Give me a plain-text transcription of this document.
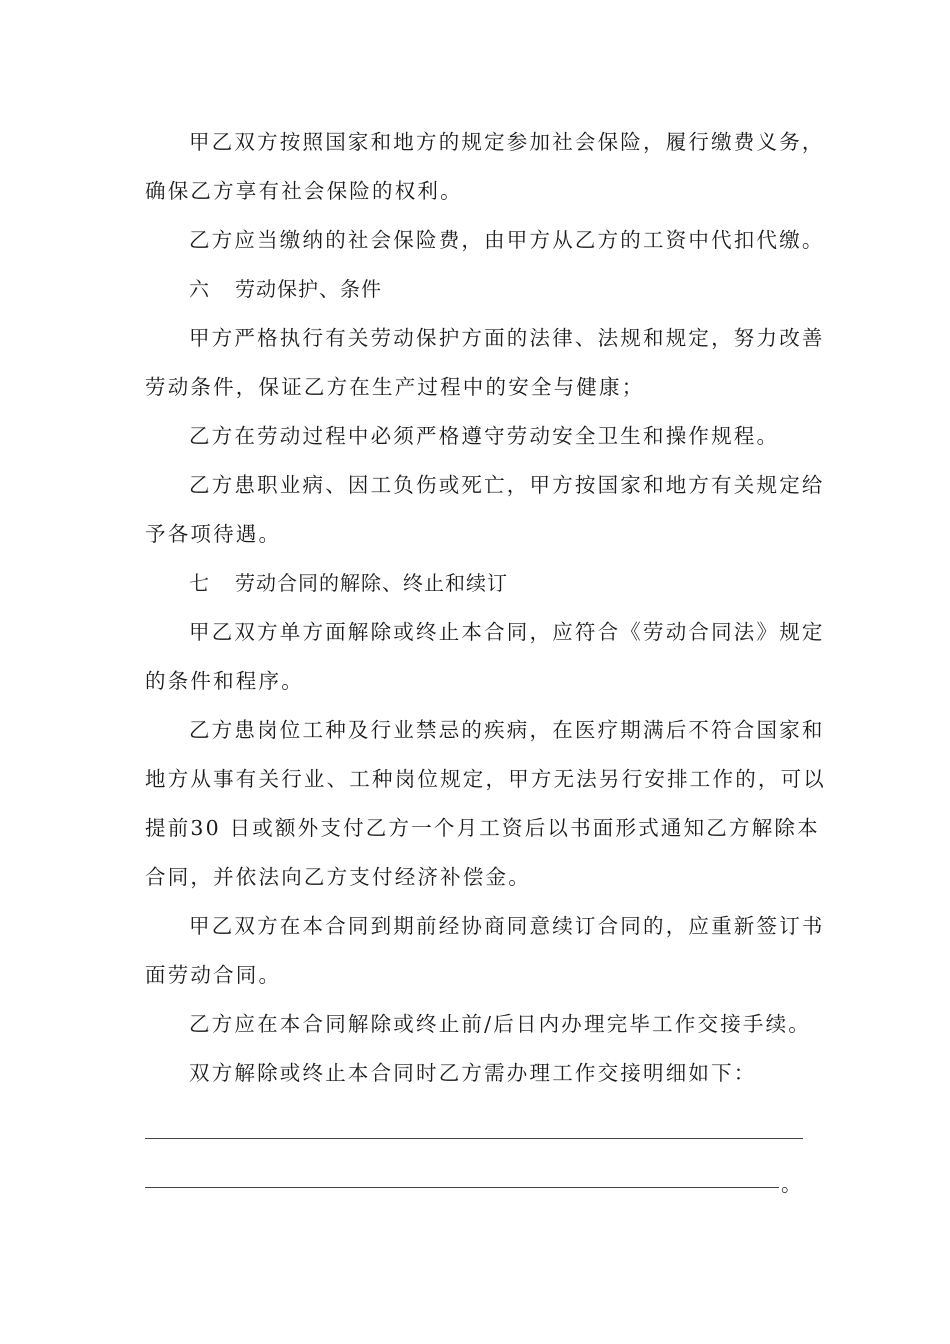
甲乙双方按照国家和地方的规定参加社会保险，履行缴费义务，
确保乙方享有社会保险的权利。
乙方应当缴纳的社会保险费，由甲方从乙方的工资中代扣代缴。
六 劳动保护、条件
甲方严格执行有关劳动保护方面的法律、法规和规定，努力改善
劳动条件，保证乙方在生产过程中的安全与健康；
乙方在劳动过程中必须严格遵守劳动安全卫生和操作规程。
乙方患职业病、因工负伤或死亡，甲方按国家和地方有关规定给
予各项待遇。
七 劳动合同的解除、终止和续订
甲乙双方单方面解除或终止本合同，应符合《劳动合同法》规定
的条件和程序。
乙方患岗位工种及行业禁忌的疾病，在医疗期满后不符合国家和
地方从事有关行业、工种岗位规定，甲方无法另行安排工作的，可以
提前30 日或额外支付乙方一个月工资后以书面形式通知乙方解除本
合同，并依法向乙方支付经济补偿金。
甲乙双方在本合同到期前经协商同意续订合同的，应重新签订书
面劳动合同。
乙方应在本合同解除或终止前/后日内办理完毕工作交接手续。
双方解除或终止本合同时乙方需办理工作交接明细如下：
。
